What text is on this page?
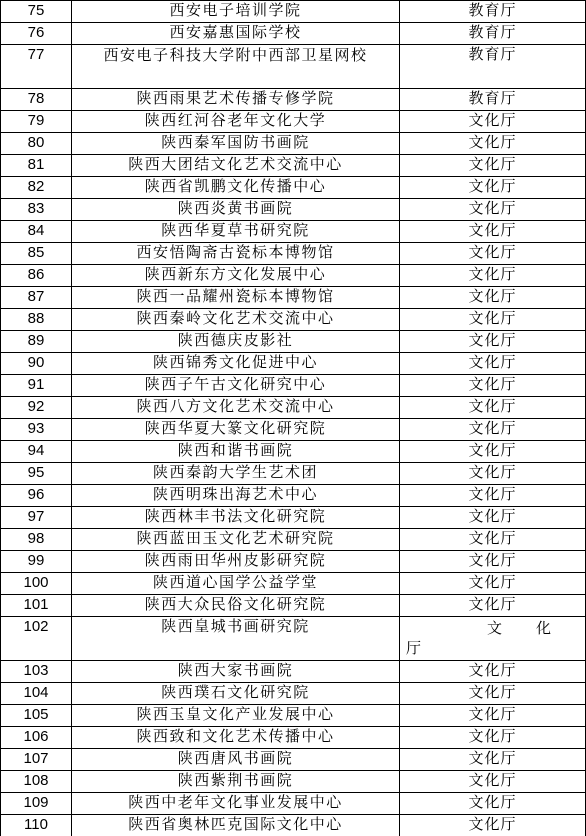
75	西安电子培训学院	教育厅
76	西安嘉惠国际学校	教育厅
77	西安电子科技大学附中西部卫星网校	教育厅
78	陕西雨果艺术传播专修学院	教育厅
79	陕西红河谷老年文化大学	文化厅
80	陕西秦军国防书画院	文化厅
81	陕西大团结文化艺术交流中心	文化厅
82	陕西省凯鹏文化传播中心	文化厅
83	陕西炎黄书画院	文化厅
84	陕西华夏草书研究院	文化厅
85	西安悟陶斋古瓷标本博物馆	文化厅
86	陕西新东方文化发展中心	文化厅
87	陕西一品耀州瓷标本博物馆	文化厅
88	陕西秦岭文化艺术交流中心	文化厅
89	陕西德庆皮影社	文化厅
90	陕西锦秀文化促进中心	文化厅
91	陕西子午古文化研究中心	文化厅
92	陕西八方文化艺术交流中心	文化厅
93	陕西华夏大篆文化研究院	文化厅
94	陕西和谐书画院	文化厅
95	陕西秦韵大学生艺术团	文化厅
96	陕西明珠出海艺术中心	文化厅
97	陕西林丰书法文化研究院	文化厅
98	陕西蓝田玉文化艺术研究院	文化厅
99	陕西雨田华州皮影研究院	文化厅
100	陕西道心国学公益学堂	文化厅
101	陕西大众民俗文化研究院	文化厅
102	陕西皇城书画研究院	文化
厅

103	陕西大家书画院	文化厅
104	陕西璞石文化研究院	文化厅
105	陕西玉皇文化产业发展中心	文化厅
106	陕西致和文化艺术传播中心	文化厅
107	陕西唐风书画院	文化厅
108	陕西紫荆书画院	文化厅
109	陕西中老年文化事业发展中心	文化厅
110	陕西省奥林匹克国际文化中心	文化厅
